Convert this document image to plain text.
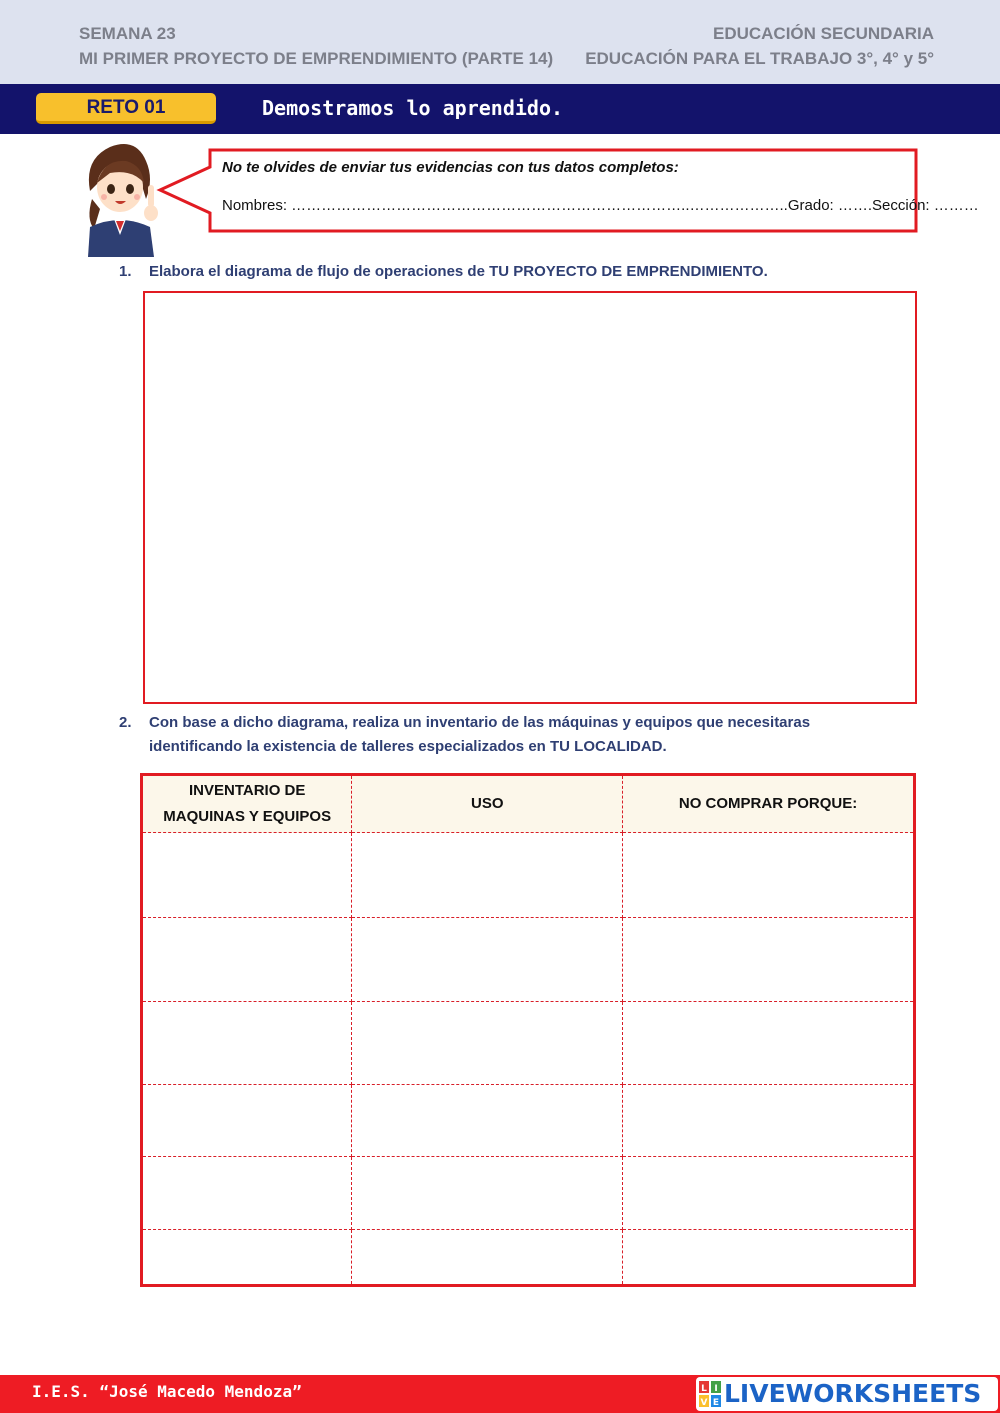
SEMANA 23
MI PRIMER PROYECTO DE EMPRENDIMIENTO (PARTE 14)
EDUCACIÓN SECUNDARIA
EDUCACIÓN PARA EL TRABAJO 3°, 4° y 5°
RETO 01	Demostramos lo aprendido.
No te olvides de enviar tus evidencias con tus datos completos:
Nombres: ……………………………………………………………………..………………..Grado: …….Sección: ………
1. Elabora el diagrama de flujo de operaciones de TU PROYECTO DE EMPRENDIMIENTO.
2. Con base a dicho diagrama, realiza un inventario de las máquinas y equipos que necesitaras
identificando la existencia de talleres especializados en TU LOCALIDAD.
INVENTARIO DE
MAQUINAS Y EQUIPOS	USO	NO COMPRAR PORQUE:

I.E.S. “José Macedo Mendoza”	L I
V E LIVEWORKSHEETS
